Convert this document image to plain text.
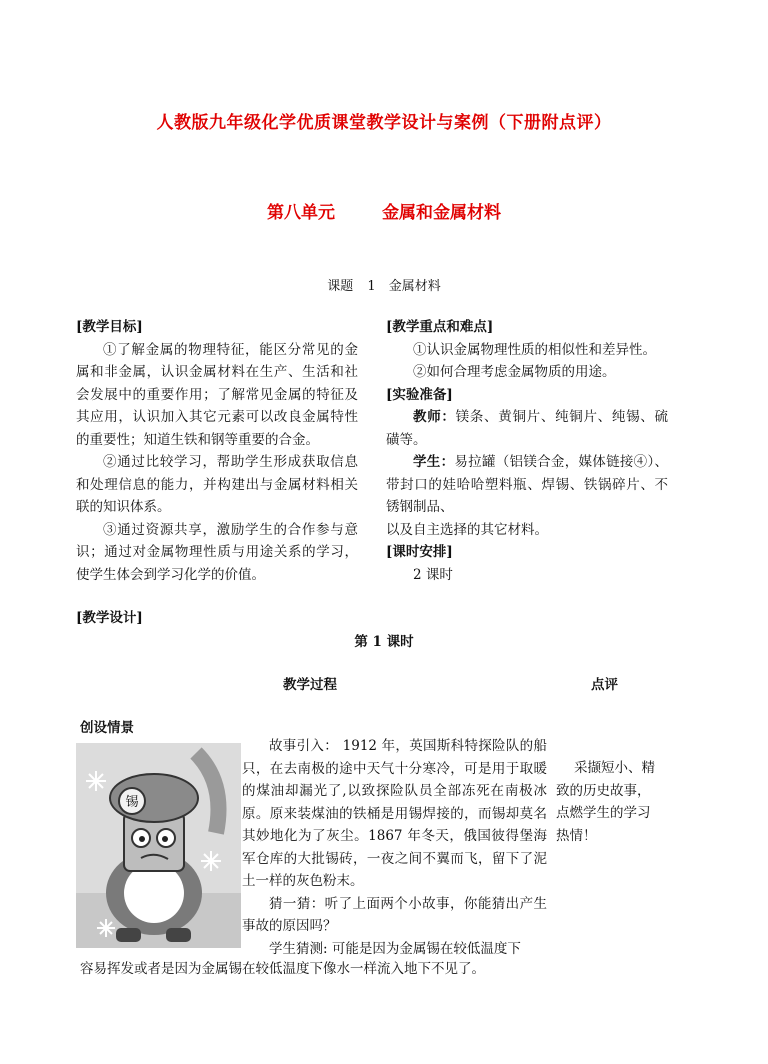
人教版九年级化学优质课堂教学设计与案例（下册附点评）
第八单元　 金属和金属材料
课题 1　金属材料

[教学目标]

①了解金属的物理特征，能区分常见的金属和非金属，认识金属材料在生产、生活和社会发展中的重要作用；了解常见金属的特征及其应用，认识加入其它元素可以改良金属特性的重要性；知道生铁和钢等重要的合金。

②通过比较学习，帮助学生形成获取信息和处理信息的能力，并构建出与金属材料相关联的知识体系。

③通过资源共享，激励学生的合作参与意识；通过对金属物理性质与用途关系的学习，使学生体会到学习化学的价值。

[教学重点和难点]

①认识金属物理性质的相似性和差异性。

②如何合理考虑金属物质的用途。

[实验准备]

教师：镁条、黄铜片、纯铜片、纯锡、硫磺等。

学生：易拉罐（铝镁合金，媒体链接④）、带封口的娃哈哈塑料瓶、焊锡、铁锅碎片、不锈钢制品、

以及自主选择的其它材料。

[课时安排]

2 课时

[教学设计]
第 1 课时
教学过程	点评
创设情景
锡

故事引入： 1912 年，英国斯科特探险队的船只，在去南极的途中天气十分寒冷，可是用于取暖的煤油却漏光了,以致探险队员全部冻死在南极冰原。原来装煤油的铁桶是用锡焊接的，而锡却莫名其妙地化为了灰尘。1867 年冬天，俄国彼得堡海军仓库的大批锡砖，一夜之间不翼而飞，留下了泥土一样的灰色粉末。

猜一猜：听了上面两个小故事，你能猜出产生事故的原因吗？

学生猜测: 可能是因为金属锡在较低温度下

容易挥发或者是因为金属锡在较低温度下像水一样流入地下不见了。
采撷短小、精致的历史故事，点燃学生的学习热情！
